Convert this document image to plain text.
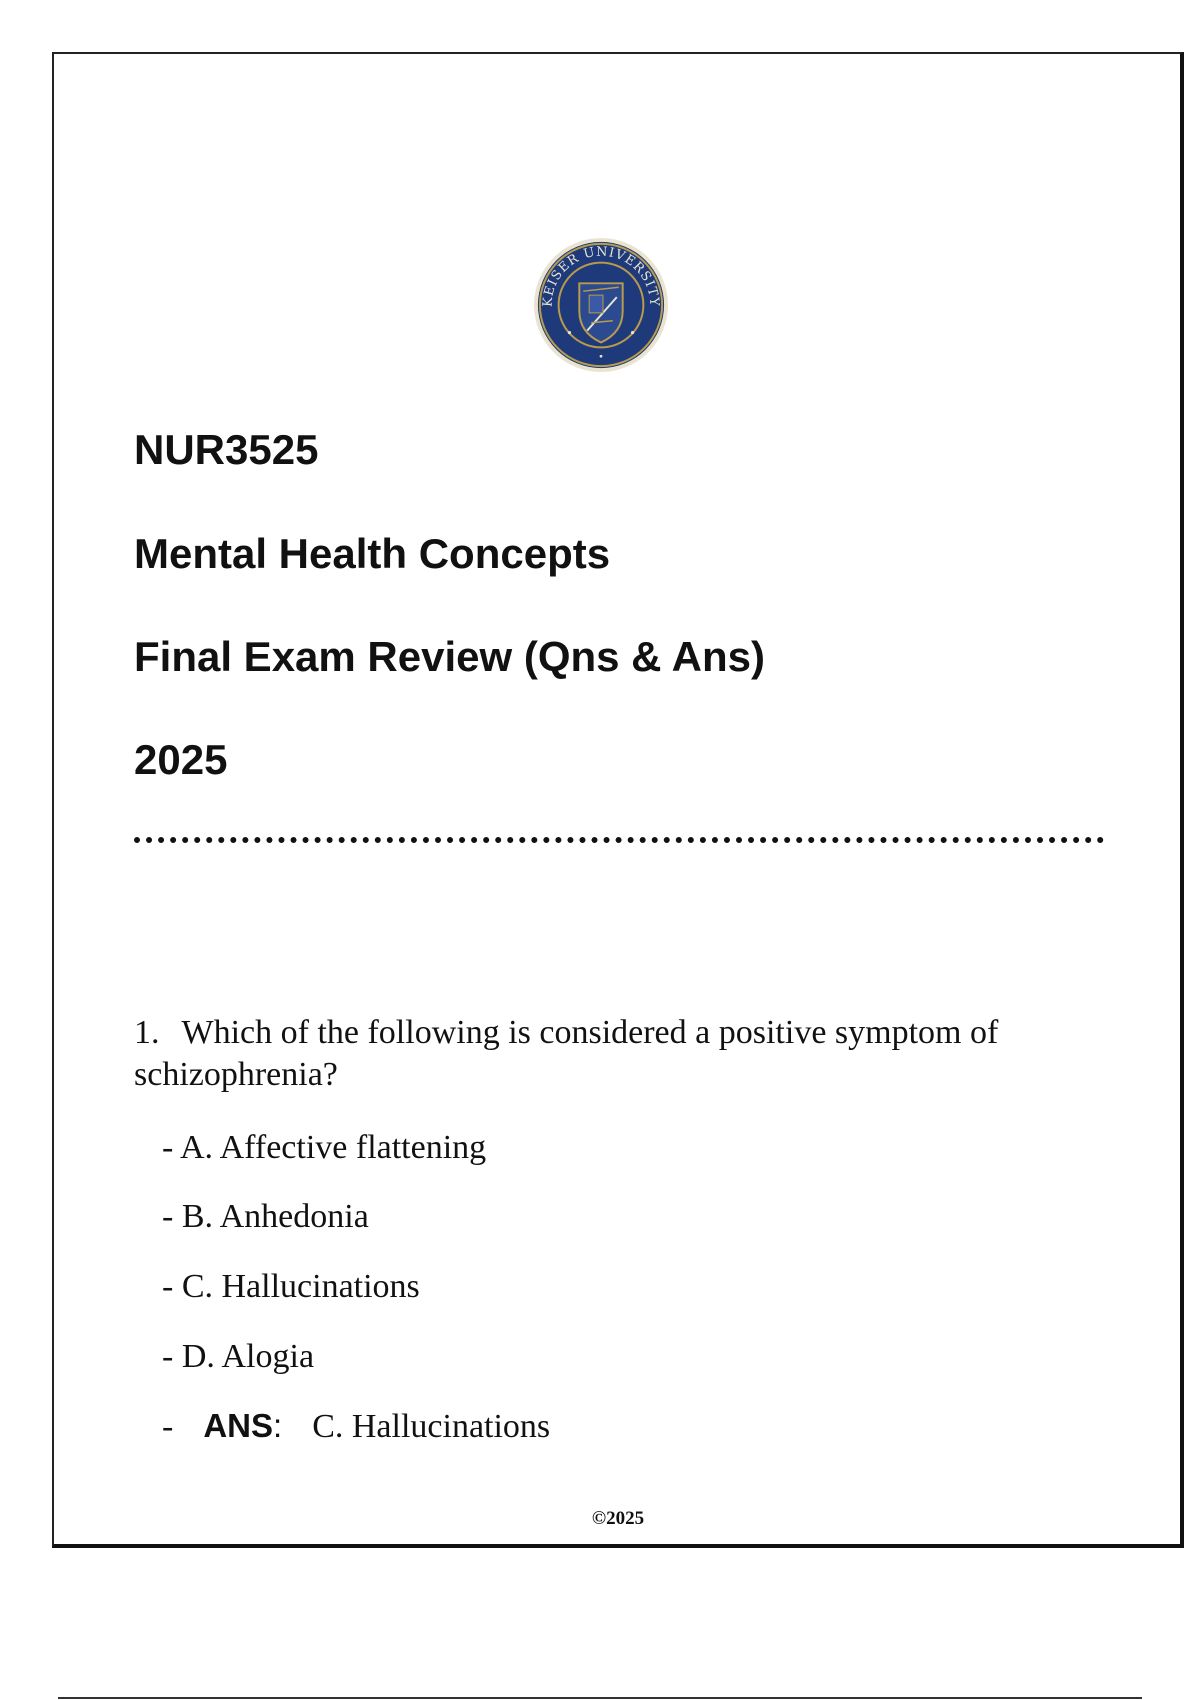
KEISER UNIVERSITY
NUR3525
Mental Health Concepts
Final Exam Review (Qns & Ans)
2025

1. Which of the following is considered a positive symptom of schizophrenia?

- A. Affective flattening

- B. Anhedonia

- C. Hallucinations

- D. Alogia

- ANS: C. Hallucinations

©2025
